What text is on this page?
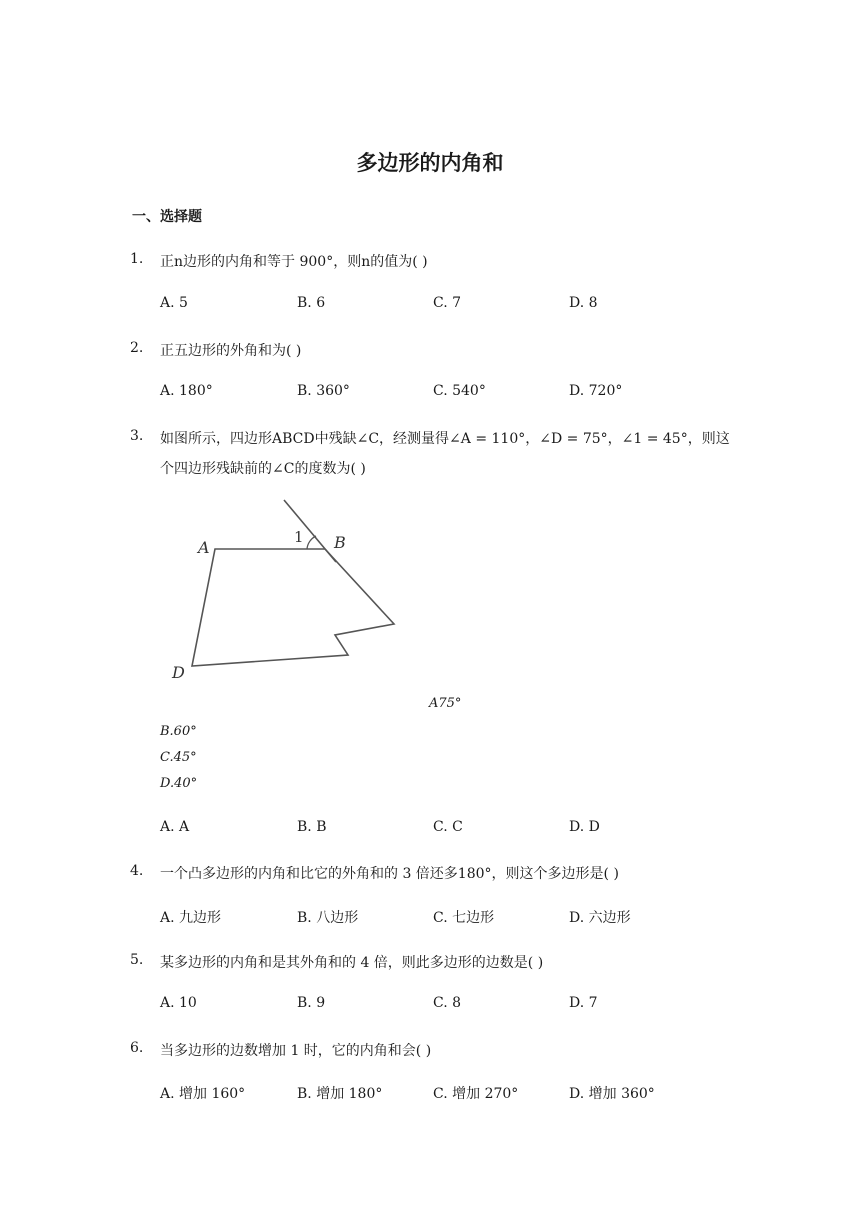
多边形的内角和
一、选择题
1. 正n边形的内角和等于 900°，则n的值为( )
A. 5	B. 6	C. 7	D. 8
2. 正五边形的外角和为( )
A. 180°	B. 360°	C. 540°	D. 720°
3. 如图所示，四边形ABCD中残缺∠C，经测量得∠A = 110°，∠D = 75°，∠1 = 45°，则这
个四边形残缺前的∠C的度数为( )
A	B
D
1
A75°
B.60°
C.45°
D.40°
A. A	B. B	C. C	D. D
4. 一个凸多边形的内角和比它的外角和的 3 倍还多180°，则这个多边形是( )
A. 九边形	B. 八边形	C. 七边形	D. 六边形
5. 某多边形的内角和是其外角和的 4 倍，则此多边形的边数是( )
A. 10	B. 9	C. 8	D. 7
6. 当多边形的边数增加 1 时，它的内角和会( )
A. 增加 160°	B. 增加 180°	C. 增加 270°	D. 增加 360°
